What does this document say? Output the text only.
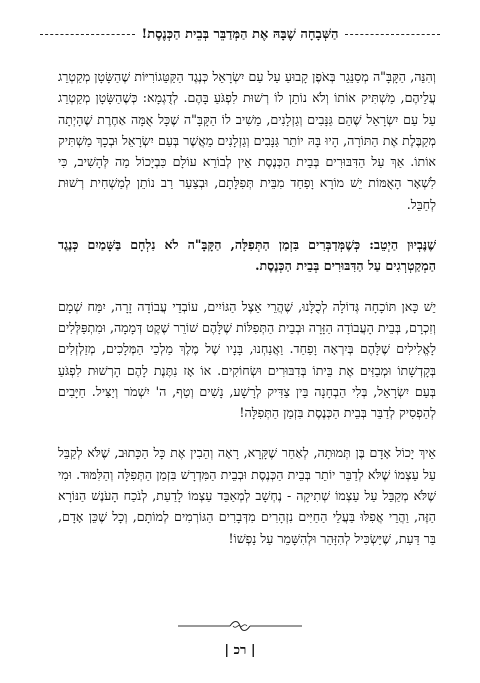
הַשְּׁבָחָה שֶׁבָּהּ אֶת הַמְּדַבֵּר בְּבֵית הַכְּנֶסֶת!

וְהִנֵּה, הַקָּבָּ"ה מְסַנֵּגֵר בְּאֹפֶן קָבוּעַ עַל עַם יִשְׂרָאֵל כְּנֶגֶד הַקַּטֵּגוֹרִיּוֹת שֶׁהַשָּׂטָן מְקַטְרֵג עֲלֵיהֶם, מַשְׁתִּיק אוֹתוֹ וְלֹא נוֹתֵן לוֹ רְשׁוּת לִפְגֹּעַ בָּהֶם. לְדֻגְמָא: כְּשֶׁהַשָּׂטָן מְקַטְרֵג עַל עַם יִשְׂרָאֵל שֶׁהֵם גַּנָּבִים וְגַזְלָנִים, מֵשִׁיב לוֹ הַקָּבָּ"ה שֶׁכָּל אֻמָּה אַחֶרֶת שֶׁהָיְתָה מְקַבֶּלֶת אֶת הַתּוֹרָה, הָיוּ בָּהּ יוֹתֵר גַּנָּבִים וְגַזְלָנִים מֵאֲשֶׁר בְּעַם יִשְׂרָאֵל וּבְכָךְ מַשְׁתִּיק אוֹתוֹ. אַךְ עַל הַדִּבּוּרִים בְּבֵית הַכְּנֶסֶת אֵין לְבוֹרֵא עוֹלָם כִּבְיָכוֹל מַה לְּהָשִׁיב, כִּי לִשְׁאָר הָאֻמּוֹת יֵשׁ מוֹרָא וָפַחַד מִבֵּית תְּפִלָּתָם, וּבְצַעַר רַב נוֹתֵן לְמַשְׁחִית רְשׁוּת לְחַבֵּל.

שֶׁנֶּבְיוּן הַיְטֵב: כְּשֶׁמְּדַבְּרִים בִּזְמַן הַתְּפִלָּה, הַקָּבָּ"ה לֹא נִלְחָם בַּשָּׁמַיִם כְּנֶגֶד הַמְקַטְרְגִים עַל הַדִּבּוּרִים בְּבֵית הַכְּנֶסֶת.

יֵשׁ כָּאן תּוֹכָחָה גְּדוֹלָה לְכֻלָּנוּ, שֶׁהֲרֵי אֵצֶל הַגּוֹיִים, עוֹבְדֵי עֲבוֹדָה זָרָה, יִמַּח שְׁמָם וְזִכְרָם, בְּבֵית הָעֲבוֹדָה הַזָּרָה וּבְבֵית הַתְּפִלּוֹת שֶׁלָּהֶם שׁוֹרֵר שֶׁקֶט דְּמָמָה, וּמִתְפַּלְּלִים לָאֱלִילִים שֶׁלָּהֶם בְּיִרְאָה וָפַחַד. וַאֲנַחְנוּ, בָּנָיו שֶׁל מֶלֶךְ מַלְכֵי הַמְּלָכִים, מְזַלְזְלִים בְּקָדְשָׁתוֹ וּמְבַזִּים אֶת בֵּיתוֹ בְּדִבּוּרִים וּשְׂחוֹקִים. אוֹ אָז נִתֶּנֶת לָהֶם הָרְשׁוּת לִפְגֹּעַ בְּעַם יִשְׂרָאֵל, בְּלִי הַבְחָנָה בֵּין צַדִּיק לְרָשָׁע, נָשִׁים וְטַף, ה' יִשְׁמֹר וְיַצִּיל. חַיָּבִים לְהַפְסִיק לְדַבֵּר בְּבֵית הַכְּנֶסֶת בִּזְמַן הַתְּפִלָּה!

אֵיךְ יָכוֹל אָדָם בֶּן תְּמוּתָה, לְאַחַר שֶׁקָּרָא, רָאָה וְהֵבִין אֶת כָּל הַכָּתוּב, שֶׁלֹּא לְקַבֵּל עַל עַצְמוֹ שֶׁלֹּא לְדַבֵּר יוֹתֵר בְּבֵית הַכְּנֶסֶת וּבְבֵית הַמִּדְרָשׁ בִּזְמַן הַתְּפִלָּה וְהַלִּמּוּד. וּמִי שֶׁלֹּא מְקַבֵּל עַל עַצְמוֹ שְׁתִיקָה - נֶחְשָׁב לְמְאַבֵּד עַצְמוֹ לָדַעַת, לְנֹכַח הָעֹנֶשׁ הַנּוֹרָא הַזֶּה, וַהֲרֵי אֲפִלּוּ בַּעֲלֵי הַחַיִּים נִזְהָרִים מִדְּבָרִים הַגּוֹרְמִים לְמוֹתָם, וְכָל שֶׁכֵּן אָדָם, בַּר דַּעַת, שֶׁיַּשְׂכִּיל לְהִזָּהֵר וּלְהִשָּׁמֵר עַל נַפְשׁוֹ!

| רכ |
